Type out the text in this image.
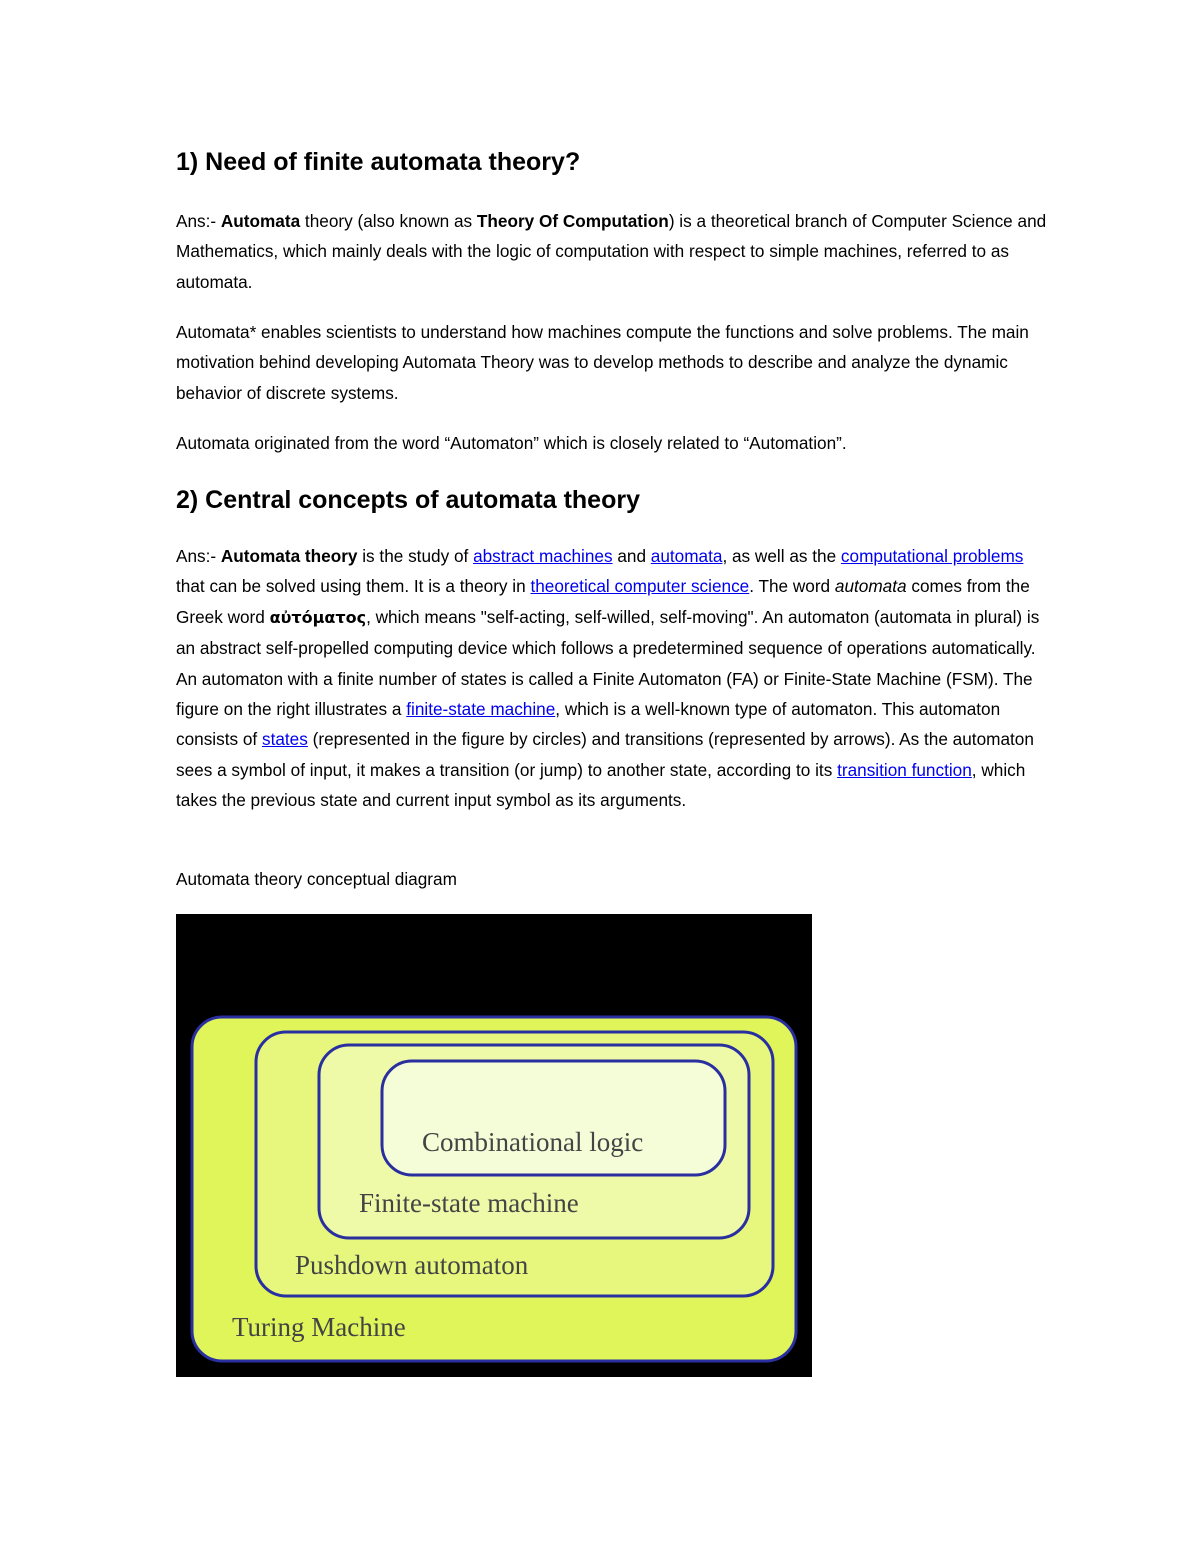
1) Need of finite automata theory?

Ans:- Automata theory (also known as Theory Of Computation) is a theoretical branch of Computer Science and Mathematics, which mainly deals with the logic of computation with respect to simple machines, referred to as automata.

Automata* enables scientists to understand how machines compute the functions and solve problems. The main motivation behind developing Automata Theory was to develop methods to describe and analyze the dynamic behavior of discrete systems.

Automata originated from the word “Automaton” which is closely related to “Automation”.

2) Central concepts of automata theory

Ans:- Automata theory is the study of abstract machines and automata, as well as the computational problems that can be solved using them. It is a theory in theoretical computer science. The word automata comes from the Greek word αὐτόματος, which means "self-acting, self-willed, self-moving". An automaton (automata in plural) is an abstract self-propelled computing device which follows a predetermined sequence of operations automatically. An automaton with a finite number of states is called a Finite Automaton (FA) or Finite-State Machine (FSM). The figure on the right illustrates a finite-state machine, which is a well-known type of automaton. This automaton consists of states (represented in the figure by circles) and transitions (represented by arrows). As the automaton sees a symbol of input, it makes a transition (or jump) to another state, according to its transition function, which takes the previous state and current input symbol as its arguments.

Automata theory conceptual diagram

Combinational logic
Finite-state machine
Pushdown automaton
Turing Machine
